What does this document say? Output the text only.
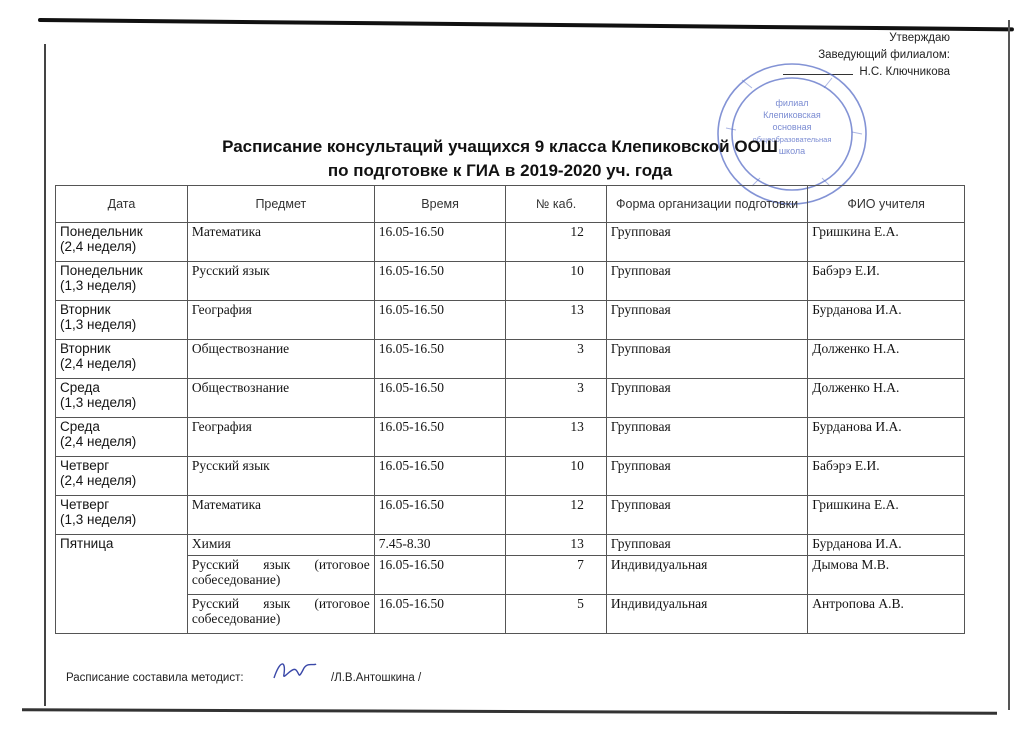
Утверждаю
Заведующий филиалом:
Н.С. Ключникова
филиал
Клепиковская
основная
общеобразовательная
школа
Расписание консультаций учащихся 9 класса Клепиковской ООШ
по подготовке к ГИА в 2019-2020 уч. года
Дата	Предмет	Время	№ каб.	Форма организации подготовки	ФИО учителя

Понедельник
(2,4 неделя)	Математика	16.05-16.50	12	Групповая	Гришкина Е.А.

Понедельник
(1,3 неделя)	Русский язык	16.05-16.50	10	Групповая	Бабэрэ Е.И.

Вторник
(1,3 неделя)	География	16.05-16.50	13	Групповая	Бурданова И.А.

Вторник
(2,4 неделя)	Обществознание	16.05-16.50	3	Групповая	Долженко Н.А.

Среда
(1,3 неделя)	Обществознание	16.05-16.50	3	Групповая	Долженко Н.А.

Среда
(2,4 неделя)	География	16.05-16.50	13	Групповая	Бурданова И.А.

Четверг
(2,4 неделя)	Русский язык	16.05-16.50	10	Групповая	Бабэрэ Е.И.

Четверг
(1,3 неделя)	Математика	16.05-16.50	12	Групповая	Гришкина Е.А.
Пятница	Химия	7.45-8.30	13	Групповая	Бурданова И.А.
	Русский язык (итоговое собеседование)	16.05-16.50	7	Индивидуальная	Дымова М.В.
	Русский язык (итоговое собеседование)	16.05-16.50	5	Индивидуальная	Антропова А.В.
Расписание составила методист:	/Л.В.Антошкина /
